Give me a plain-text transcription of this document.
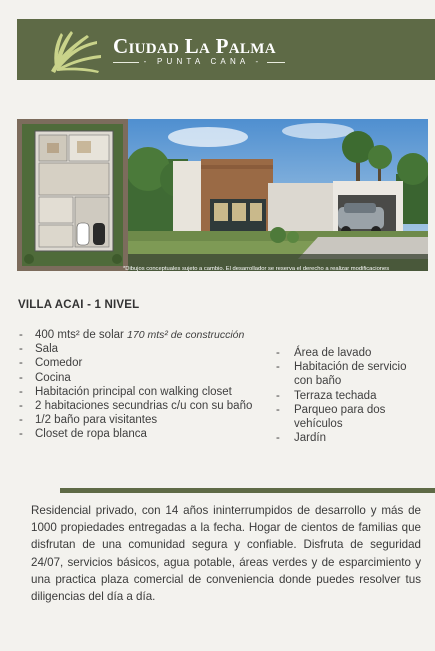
Ciudad La Palma
- PUNTA CANA -
*Dibujos conceptuales sujeto a cambio. El desarrollador se reserva el derecho a realizar modificaciones
VILLA ACAI - 1 NIVEL
- 400 mts² de solar 170 mts² de construcción
- Sala
- Comedor
- Cocina
- Habitación principal con walking closet
- 2 habitaciones secundrias c/u con su baño
- 1/2 baño para visitantes
- Closet de ropa blanca
- Área de lavado
- Habitación de servicio con baño
- Terraza techada
- Parqueo para dos vehículos
- Jardín

Residencial privado, con 14 años ininterrumpidos de desarrollo y más de 1000 propiedades entregadas a la fecha. Hogar de cientos de familias que disfrutan de una comunidad segura y confiable. Disfruta de seguridad 24/07, servicios básicos, agua potable, áreas verdes y de esparcimiento y una practica plaza comercial de conveniencia donde puedes resolver tus diligencias del día a día.
